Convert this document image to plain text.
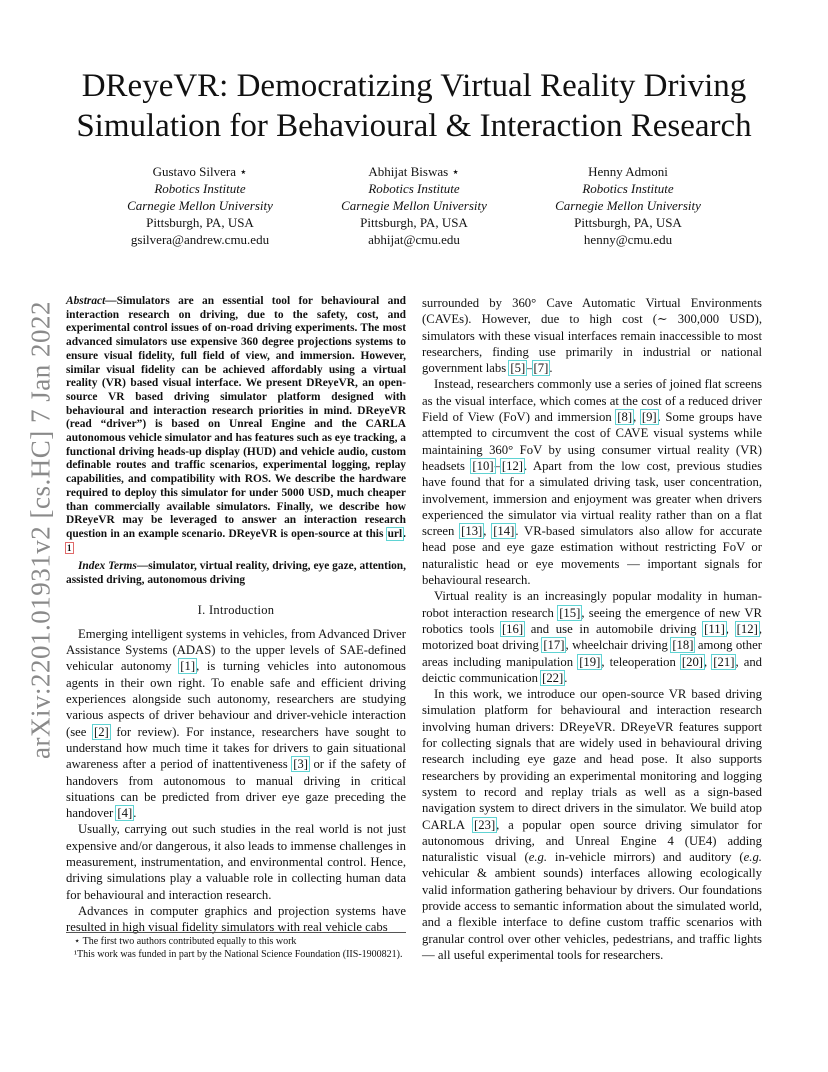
DReyeVR: Democratizing Virtual Reality Driving
Simulation for Behavioural & Interaction Research
Gustavo Silvera ⋆
Robotics Institute
Carnegie Mellon University
Pittsburgh, PA, USA
gsilvera@andrew.cmu.edu
Abhijat Biswas ⋆
Robotics Institute
Carnegie Mellon University
Pittsburgh, PA, USA
abhijat@cmu.edu
Henny Admoni
Robotics Institute
Carnegie Mellon University
Pittsburgh, PA, USA
henny@cmu.edu
arXiv:2201.01931v2 [cs.HC] 7 Jan 2022

Abstract—Simulators are an essential tool for behavioural and interaction research on driving, due to the safety, cost, and experimental control issues of on-road driving experiments. The most advanced simulators use expensive 360 degree projections systems to ensure visual fidelity, full field of view, and immersion. However, similar visual fidelity can be achieved affordably using a virtual reality (VR) based visual interface. We present DReyeVR, an open-source VR based driving simulator platform designed with behavioural and interaction research priorities in mind. DReyeVR (read “driver”) is based on Unreal Engine and the CARLA autonomous vehicle simulator and has features such as eye tracking, a functional driving heads-up display (HUD) and vehicle audio, custom definable routes and traffic scenarios, experimental logging, replay capabilities, and compatibility with ROS. We describe the hardware required to deploy this simulator for under 5000 USD, much cheaper than commercially available simulators. Finally, we describe how DReyeVR may be leveraged to answer an interaction research question in an example scenario. DReyeVR is open-source at this url. $^1$

Index Terms—simulator, virtual reality, driving, eye gaze, attention, assisted driving, autonomous driving

I. Introduction

Emerging intelligent systems in vehicles, from Advanced Driver Assistance Systems (ADAS) to the upper levels of SAE-defined vehicular autonomy [1], is turning vehicles into autonomous agents in their own right. To enable safe and efficient driving experiences alongside such autonomy, researchers are studying various aspects of driver behaviour and driver-vehicle interaction (see [2] for review). For instance, researchers have sought to understand how much time it takes for drivers to gain situational awareness after a period of inattentiveness [3] or if the safety of handovers from autonomous to manual driving in critical situations can be predicted from driver eye gaze preceding the handover [4].

Usually, carrying out such studies in the real world is not just expensive and/or dangerous, it also leads to immense challenges in measurement, instrumentation, and environmental control. Hence, driving simulations play a valuable role in collecting human data for behavioural and interaction research.

Advances in computer graphics and projection systems have resulted in high visual fidelity simulators with real vehicle cabs

⋆ The first two authors contributed equally to this work

¹This work was funded in part by the National Science Foundation (IIS-1900821).

surrounded by 360° Cave Automatic Virtual Environments (CAVEs). However, due to high cost (∼ 300,000 USD), simulators with these visual interfaces remain inaccessible to most researchers, finding use primarily in industrial or national government labs [5]–[7].

Instead, researchers commonly use a series of joined flat screens as the visual interface, which comes at the cost of a reduced driver Field of View (FoV) and immersion [8], [9]. Some groups have attempted to circumvent the cost of CAVE visual systems while maintaining 360° FoV by using consumer virtual reality (VR) headsets [10]–[12]. Apart from the low cost, previous studies have found that for a simulated driving task, user concentration, involvement, immersion and enjoyment was greater when drivers experienced the simulator via virtual reality rather than on a flat screen [13], [14]. VR-based simulators also allow for accurate head pose and eye gaze estimation without restricting FoV or naturalistic head or eye movements — important signals for behavioural research.

Virtual reality is an increasingly popular modality in human-robot interaction research [15], seeing the emergence of new VR robotics tools [16] and use in automobile driving [11], [12], motorized boat driving [17], wheelchair driving [18] among other areas including manipulation [19], teleoperation [20], [21], and deictic communication [22].

In this work, we introduce our open-source VR based driving simulation platform for behavioural and interaction research involving human drivers: DReyeVR. DReyeVR features support for collecting signals that are widely used in behavioural driving research including eye gaze and head pose. It also supports researchers by providing an experimental monitoring and logging system to record and replay trials as well as a sign-based navigation system to direct drivers in the simulator. We build atop CARLA [23], a popular open source driving simulator for autonomous driving, and Unreal Engine 4 (UE4) adding naturalistic visual (e.g. in-vehicle mirrors) and auditory (e.g. vehicular & ambient sounds) interfaces allowing ecologically valid information gathering behaviour by drivers. Our foundations provide access to semantic information about the simulated world, and a flexible interface to define custom traffic scenarios with granular control over other vehicles, pedestrians, and traffic lights — all useful experimental tools for researchers.
